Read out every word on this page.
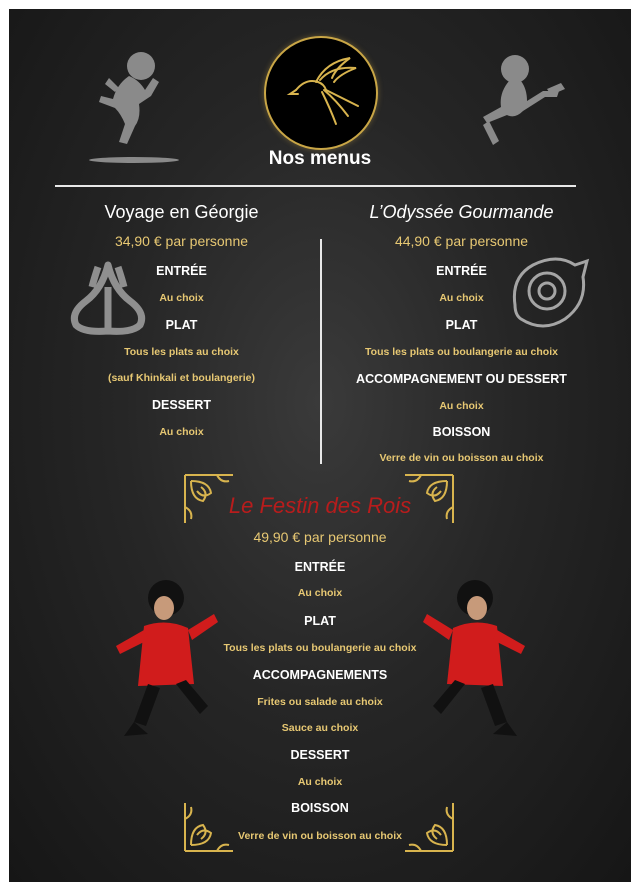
Nos menus
Voyage en Géorgie
34,90 € par personne
ENTRÉE
Au choix
PLAT
Tous les plats au choix
(sauf Khinkali et boulangerie)
DESSERT
Au choix
L’Odyssée Gourmande
44,90 € par personne
ENTRÉE
Au choix
PLAT
Tous les plats ou boulangerie au choix
ACCOMPAGNEMENT OU DESSERT
Au choix
BOISSON
Verre de vin ou boisson au choix
Le Festin des Rois
49,90 € par personne
ENTRÉE
Au choix
PLAT
Tous les plats ou boulangerie au choix
ACCOMPAGNEMENTS
Frites ou salade au choix
Sauce au choix
DESSERT
Au choix
BOISSON
Verre de vin ou boisson au choix
